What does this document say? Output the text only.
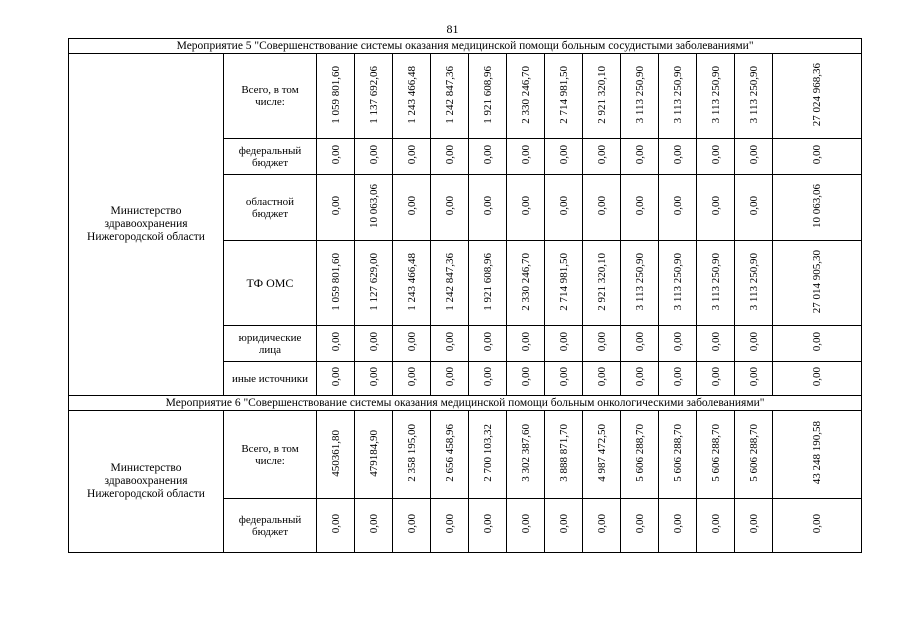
81
Мероприятие 5 "Совершенствование системы оказания медицинской помощи больным сосудистыми заболеваниями"														
Министерство здравоохранения Нижегородской области	Всего, в том числе:	1 059 801,60	1 137 692,06	1 243 466,48	1 242 847,36	1 921 608,96	2 330 246,70	2 714 981,50	2 921 320,10	3 113 250,90	3 113 250,90	3 113 250,90	3 113 250,90	27 024 968,36
	федеральный бюджет	0,00	0,00	0,00	0,00	0,00	0,00	0,00	0,00	0,00	0,00	0,00	0,00	0,00
	областной бюджет	0,00	10 063,06	0,00	0,00	0,00	0,00	0,00	0,00	0,00	0,00	0,00	0,00	10 063,06
	ТФ ОМС	1 059 801,60	1 127 629,00	1 243 466,48	1 242 847,36	1 921 608,96	2 330 246,70	2 714 981,50	2 921 320,10	3 113 250,90	3 113 250,90	3 113 250,90	3 113 250,90	27 014 905,30
	юридические лица	0,00	0,00	0,00	0,00	0,00	0,00	0,00	0,00	0,00	0,00	0,00	0,00	0,00
	иные источники	0,00	0,00	0,00	0,00	0,00	0,00	0,00	0,00	0,00	0,00	0,00	0,00	0,00
Мероприятие 6 "Совершенствование системы оказания медицинской помощи больным онкологическими заболеваниями"														
Министерство здравоохранения Нижегородской области	Всего, в том числе:	450361,80	479184,90	2 358 195,00	2 656 458,96	2 700 103,32	3 302 387,60	3 888 871,70	4 987 472,50	5 606 288,70	5 606 288,70	5 606 288,70	5 606 288,70	43 248 190,58
	федеральный бюджет	0,00	0,00	0,00	0,00	0,00	0,00	0,00	0,00	0,00	0,00	0,00	0,00	0,00
